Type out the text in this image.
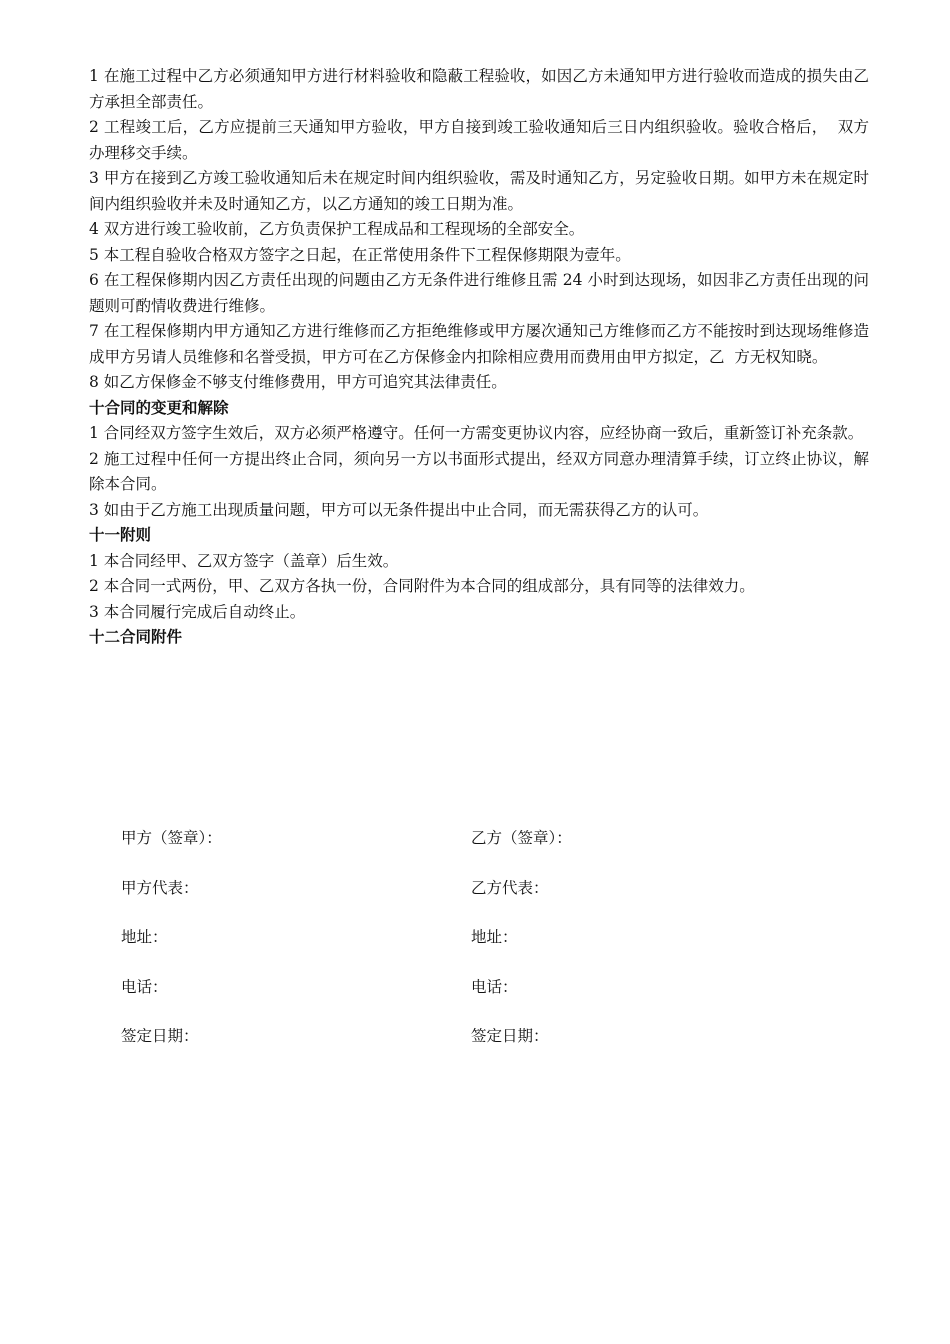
1 在施工过程中乙方必须通知甲方进行材料验收和隐蔽工程验收，如因乙方未通知甲方进行验收而造成的损失由乙方承担全部责任。

2 工程竣工后，乙方应提前三天通知甲方验收，甲方自接到竣工验收通知后三日内组织验收。验收合格后，  双方办理移交手续。

3 甲方在接到乙方竣工验收通知后未在规定时间内组织验收，需及时通知乙方，另定验收日期。如甲方未在规定时间内组织验收并未及时通知乙方，以乙方通知的竣工日期为准。

4 双方进行竣工验收前，乙方负责保护工程成品和工程现场的全部安全。

5 本工程自验收合格双方签字之日起，在正常使用条件下工程保修期限为壹年。

6 在工程保修期内因乙方责任出现的问题由乙方无条件进行维修且需 24 小时到达现场，如因非乙方责任出现的问题则可酌情收费进行维修。

7 在工程保修期内甲方通知乙方进行维修而乙方拒绝维修或甲方屡次通知己方维修而乙方不能按时到达现场维修造成甲方另请人员维修和名誉受损，甲方可在乙方保修金内扣除相应费用而费用由甲方拟定，乙  方无权知晓。

8 如乙方保修金不够支付维修费用，甲方可追究其法律责任。

十合同的变更和解除

1 合同经双方签字生效后，双方必须严格遵守。任何一方需变更协议内容，应经协商一致后，重新签订补充条款。

2 施工过程中任何一方提出终止合同，须向另一方以书面形式提出，经双方同意办理清算手续，订立终止协议，解除本合同。

3 如由于乙方施工出现质量问题，甲方可以无条件提出中止合同，而无需获得乙方的认可。

十一附则

1 本合同经甲、乙双方签字（盖章）后生效。

2 本合同一式两份，甲、乙双方各执一份，合同附件为本合同的组成部分，具有同等的法律效力。

3 本合同履行完成后自动终止。

十二合同附件

甲方（签章）：	乙方（签章）：
甲方代表：	乙方代表：
地址：	地址：
电话：	电话：
签定日期：	签定日期：
